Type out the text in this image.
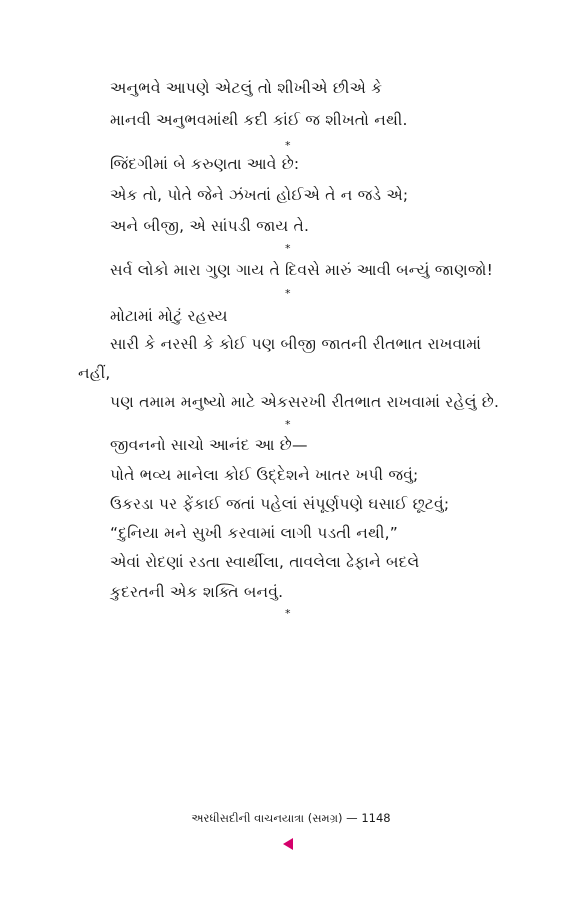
અનુભવે આપણે એટલું તો શીખીએ છીએ કે
માનવી અનુભવમાંથી કદી કાંઈ જ શીખતો નથી.
*
જિંદગીમાં બે કરુણતા આવે છે:
એક તો, પોતે જેને ઝંખતાં હોઈએ તે ન જડે એ;
અને બીજી, એ સાંપડી જાય તે.
*
સર્વ લોકો મારા ગુણ ગાય તે દિવસે મારું આવી બન્યું જાણજો!
*
મોટામાં મોટું રહસ્ય
સારી કે નરસી કે કોઈ પણ બીજી જાતની રીતભાત રાખવામાં
નહીં,
પણ તમામ મનુષ્યો માટે એકસરખી રીતભાત રાખવામાં રહેલું છે.
*
જીવનનો સાચો આનંદ આ છે—
પોતે ભવ્ય માનેલા કોઈ ઉદ્દેશને ખાતર ખપી જવું;
ઉકરડા પર ફેંકાઈ જતાં પહેલાં સંપૂર્ણપણે ઘસાઈ છૂટવું;
“દુનિયા મને સુખી કરવામાં લાગી પડતી નથી,”
એવાં રોદણાં રડતા સ્વાર્થીલા, તાવલેલા ઢેફાને બદલે
કુદરતની એક શક્તિ બનવું.
*
અરધીસદીની વાચનયાત્રા (સમગ્ર) — 1148
